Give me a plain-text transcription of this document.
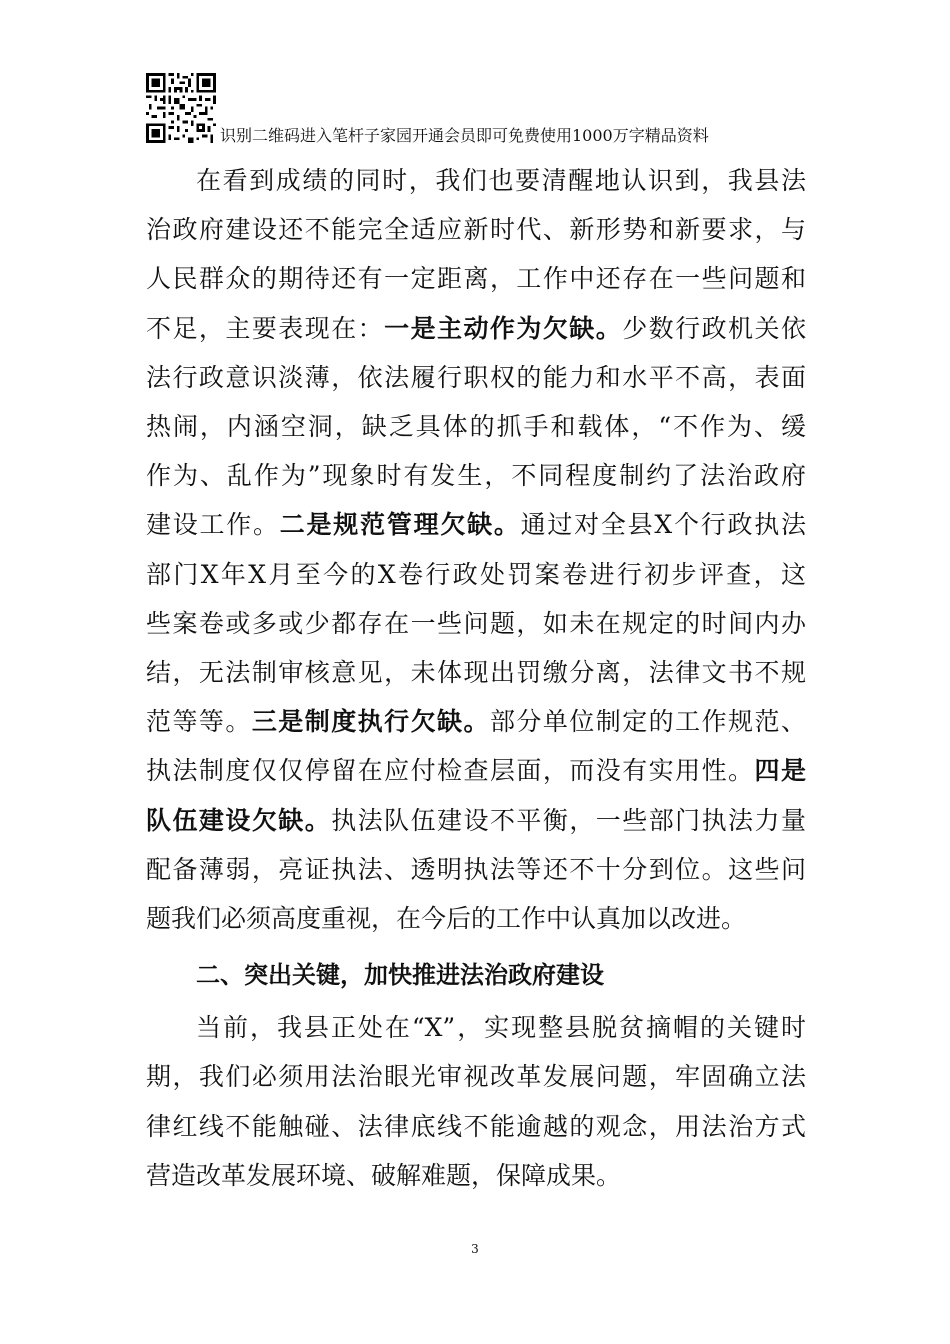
识别二维码进入笔杆子家园开通会员即可免费使用1000万字精品资料
在看到成绩的同时，我们也要清醒地认识到，我县法
治政府建设还不能完全适应新时代、新形势和新要求，与
人民群众的期待还有一定距离，工作中还存在一些问题和
不足，主要表现在：一是主动作为欠缺。少数行政机关依
法行政意识淡薄，依法履行职权的能力和水平不高，表面
热闹，内涵空洞，缺乏具体的抓手和载体，“不作为、缓
作为、乱作为”现象时有发生，不同程度制约了法治政府
建设工作。二是规范管理欠缺。通过对全县X个行政执法
部门X年X月至今的X卷行政处罚案卷进行初步评查，这
些案卷或多或少都存在一些问题，如未在规定的时间内办
结，无法制审核意见，未体现出罚缴分离，法律文书不规
范等等。三是制度执行欠缺。部分单位制定的工作规范、
执法制度仅仅停留在应付检查层面，而没有实用性。四是
队伍建设欠缺。执法队伍建设不平衡，一些部门执法力量
配备薄弱，亮证执法、透明执法等还不十分到位。这些问
题我们必须高度重视，在今后的工作中认真加以改进。
二、突出关键，加快推进法治政府建设
当前，我县正处在“X”，实现整县脱贫摘帽的关键时
期，我们必须用法治眼光审视改革发展问题，牢固确立法
律红线不能触碰、法律底线不能逾越的观念，用法治方式
营造改革发展环境、破解难题，保障成果。
3
